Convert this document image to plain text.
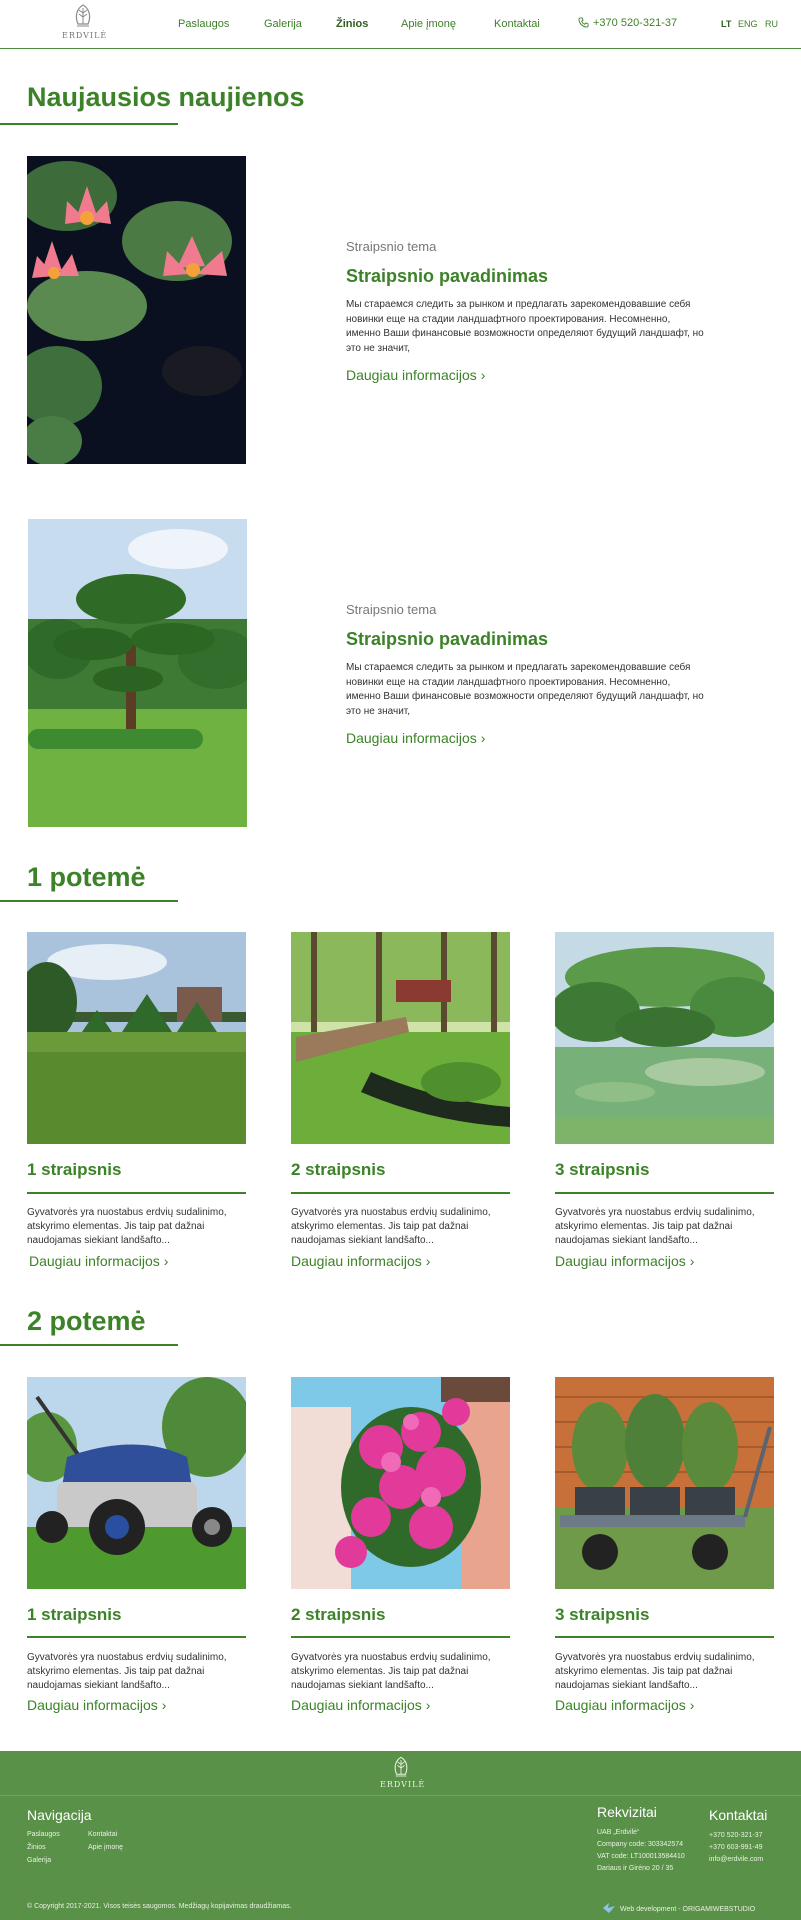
ERDVILĖ
Paslaugos	Galerija	Žinios	Apie įmonę	Kontaktai	+370 520-321-37	LT ENG RU
Naujausios naujienos
Straipsnio tema
Straipsnio pavadinimas
Мы стараемся следить за рынком и предлагать зарекомендовавшие себя новинки еще на стадии ландшафтного проектирования. Несомненно, именно Ваши финансовые возможности определяют будущий ландшафт, но это не значит,
Daugiau informacijos ›
Straipsnio tema
Straipsnio pavadinimas
Мы стараемся следить за рынком и предлагать зарекомендовавшие себя новинки еще на стадии ландшафтного проектирования. Несомненно, именно Ваши финансовые возможности определяют будущий ландшафт, но это не значит,
Daugiau informacijos ›
1 potemė
1 straipsnis	2 straipsnis	3 straipsnis
Gyvatvorės yra nuostabus erdvių sudalinimo, atskyrimo elementas. Jis taip pat dažnai naudojamas siekiant landšafto...
Gyvatvorės yra nuostabus erdvių sudalinimo, atskyrimo elementas. Jis taip pat dažnai naudojamas siekiant landšafto...
Gyvatvorės yra nuostabus erdvių sudalinimo, atskyrimo elementas. Jis taip pat dažnai naudojamas siekiant landšafto...
Daugiau informacijos ›	Daugiau informacijos ›	Daugiau informacijos ›
2 potemė
1 straipsnis	2 straipsnis	3 straipsnis
Gyvatvorės yra nuostabus erdvių sudalinimo, atskyrimo elementas. Jis taip pat dažnai naudojamas siekiant landšafto...
Gyvatvorės yra nuostabus erdvių sudalinimo, atskyrimo elementas. Jis taip pat dažnai naudojamas siekiant landšafto...
Gyvatvorės yra nuostabus erdvių sudalinimo, atskyrimo elementas. Jis taip pat dažnai naudojamas siekiant landšafto...
Daugiau informacijos ›	Daugiau informacijos ›	Daugiau informacijos ›
ERDVILĖ
Navigacija
Paslaugos	Kontaktai
Žinios	Apie įmonę
Galerija
Rekvizitai
UAB „Erdvilė“
Company code: 303342574
VAT code: LT100013584410
Dariaus ir Girėno 20 / 35
Kontaktai
+370 520-321-37
+370 603-991-49
info@erdvile.com
© Copyright 2017-2021. Visos teisės saugomos. Medžiagų kopijavimas draudžiamas.	Web development - ORIGAMIWEBSTUDIO
